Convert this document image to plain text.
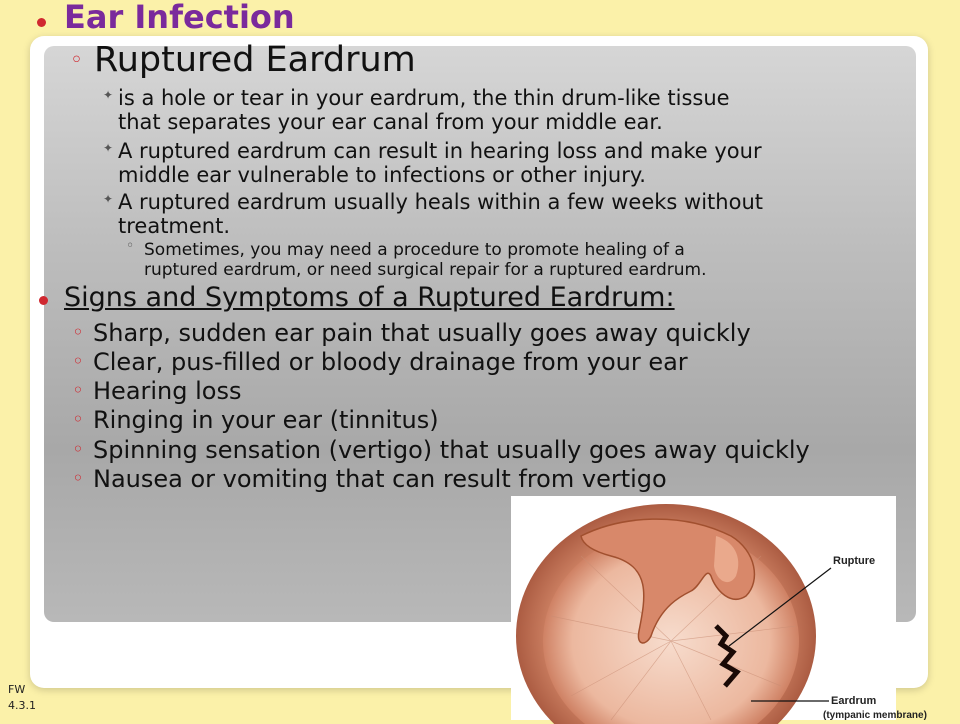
Ear Infection
◦ Ruptured Eardrum
✦ is a hole or tear in your eardrum, the thin drum-like tissue
that separates your ear canal from your middle ear.
✦ A ruptured eardrum can result in hearing loss and make your
middle ear vulnerable to infections or other injury.
✦ A ruptured eardrum usually heals within a few weeks without
treatment.
◦ Sometimes, you may need a procedure to promote healing of a
ruptured eardrum, or need surgical repair for a ruptured eardrum.
Signs and Symptoms of a Ruptured Eardrum:
◦ Sharp, sudden ear pain that usually goes away quickly
◦ Clear, pus-filled or bloody drainage from your ear
◦ Hearing loss
◦ Ringing in your ear (tinnitus)
◦ Spinning sensation (vertigo) that usually goes away quickly
◦ Nausea or vomiting that can result from vertigo
Rupture
Eardrum
(tympanic membrane)
FW
4.3.1
